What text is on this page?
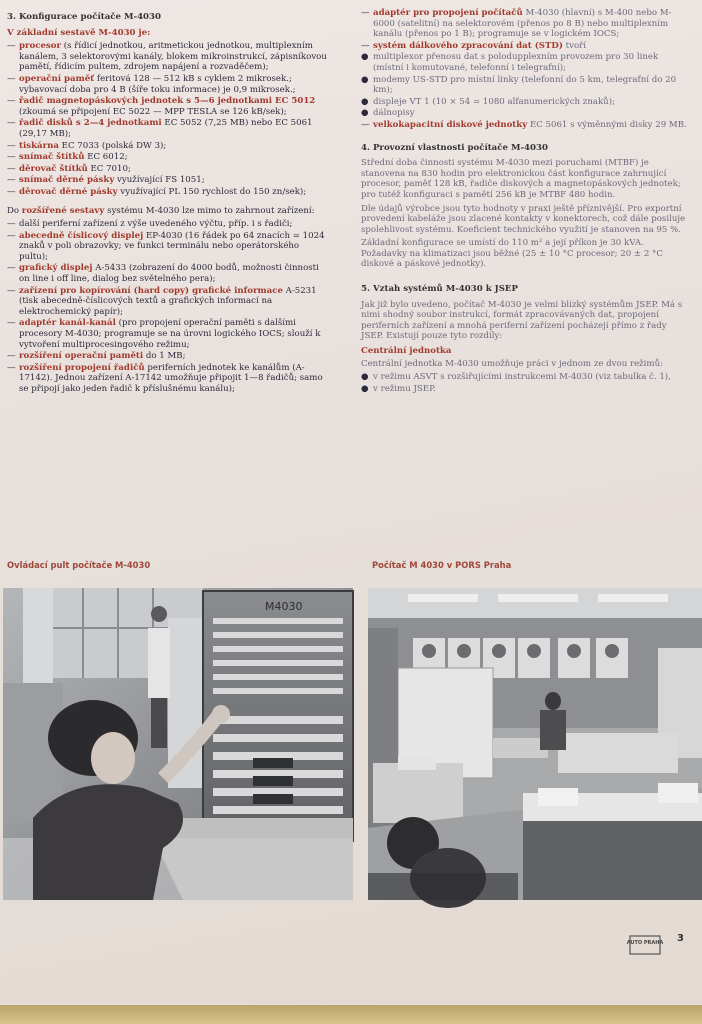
3. Konfigurace počítače M-4030

V základní sestavě M-4030 je:

— procesor (s řídicí jednotkou, aritmetickou jednotkou, multiplexním kanálem, 3 selektorovými kanály, blokem mikroinstrukcí, zápisníkovou pamětí, řídicím pultem, zdrojem napájení a rozvaděčem);
— operační paměť feritová 128 — 512 kB s cyklem 2 mikrosek.; vybavovací doba pro 4 B (šíře toku informace) je 0,9 mikrosek.;
— řadič magnetopáskových jednotek s 5—6 jednotkami EC 5012 (zkoumá se připojení EC 5022 — MPP TESLA se 126 kB/sek);
— řadič disků s 2—4 jednotkami EC 5052 (7,25 MB) nebo EC 5061 (29,17 MB);
— tiskárna EC 7033 (polská DW 3);
— snímač štítků EC 6012;
— děrovač štítků EC 7010;
— snímač děrné pásky využívající FS 1051;
— děrovač děrné pásky využívající PL 150 rychlost do 150 zn/sek);

Do rozšířené sestavy systému M-4030 lze mimo to zahrnout zařízení:

— další periferní zařízení z výše uvedeného výčtu, příp. i s řadiči;
— abecedně číslicový displej EP-4030 (16 řádek po 64 znacích = 1024 znaků v poli obrazovky; ve funkci terminálu nebo operátorského pultu);
— grafický displej A-5433 (zobrazení do 4000 bodů, možnosti činnosti on line i off line, dialog bez světelného pera);
— zařízení pro kopírování (hard copy) grafické informace A-5231 (tisk abecedně-číslicových textů a grafických informací na elektrochemický papír);
— adaptér kanál-kanál (pro propojení operační paměti s dalšími procesory M-4030; programuje se na úrovni logického IOCS; slouží k vytvoření multiprocesingového režimu;
— rozšíření operační paměti do 1 MB;
— rozšíření propojení řadičů periferních jednotek ke kanálům (A-17142). Jednou zařízení A-17142 umožňuje připojit 1—8 řadičů; samo se připojí jako jeden řadič k příslušnému kanálu);
— adaptér pro propojení počítačů M-4030 (hlavní) s M-400 nebo M-6000 (satelitní) na selektorovém (přenos po 8 B) nebo multiplexním kanálu (přenos po 1 B); programuje se v logickém IOCS;
— systém dálkového zpracování dat (STD) tvoří
● multiplexor přenosu dat s polodupplexním provozem pro 30 linek (místní i komutované, telefonní i telegrafní);
● modemy US-STD pro místní linky (telefonní do 5 km, telegrafní do 20 km);
● displeje VT 1 (10 × 54 = 1080 alfanumerických znaků);
● dálnopisy
— velkokapacitní diskové jednotky EC 5061 s výměnnými disky 29 MB.
4. Provozní vlastnosti počítače M-4030

Střední doba činnosti systému M-4030 mezi poruchami (MTBF) je stanovena na 830 hodin pro elektronickou část konfigurace zahrnující procesor, paměť 128 kB, řadiče diskových a magnetopáskových jednotek; pro tutéž konfiguraci s pamětí 256 kB je MTBF 480 hodin.

Dle údajů výrobce jsou tyto hodnoty v praxi ještě příznivější. Pro exportní provedení kabeláže jsou zlacené kontakty v konektorech, což dále posiluje spolehlivost systému. Koeficient technického využití je stanoven na 95 %.

Základní konfigurace se umístí do 110 m² a její příkon je 30 kVA. Požadavky na klimatizaci jsou běžné (25 ± 10 °C procesor; 20 ± 2 °C diskové a páskové jednotky).

5. Vztah systémů M-4030 k JSEP

Jak již bylo uvedeno, počítač M-4030 je velmi blízký systémům JSEP. Má s nimi shodný soubor instrukcí, formát zpracovávaných dat, propojení periferních zařízení a mnohá periferní zařízení pocházejí přímo z řady JSEP. Existují pouze tyto rozdíly:

Centrální jednotka

Centrální jednotka M-4030 umožňuje práci v jednom ze dvou režimů:

● v režimu ASVT s rozšiřujícími instrukcemi M-4030 (viz tabulka č. 1),
● v režimu JSEP.
Ovládací pult počítače M-4030	Počítač M 4030 v PORS Praha
M4030
AUTO PRAHA 3
